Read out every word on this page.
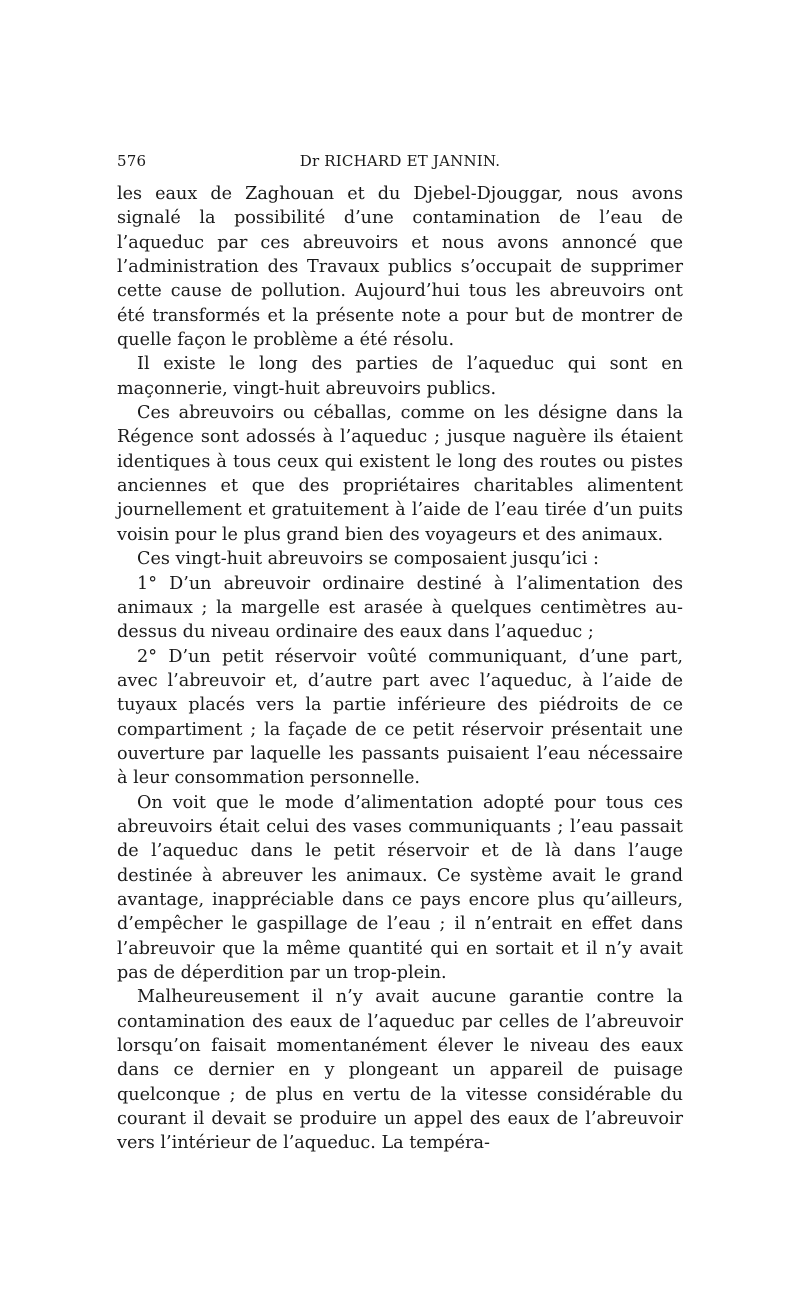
576	Dr RICHARD ET JANNIN.

les eaux de Zaghouan et du Djebel-Djouggar, nous avons signalé la possibilité d’une contamination de l’eau de l’aqueduc par ces abreuvoirs et nous avons annoncé que l’administration des Travaux publics s’occupait de supprimer cette cause de pollution. Aujourd’hui tous les abreuvoirs ont été transformés et la présente note a pour but de montrer de quelle façon le problème a été résolu.

Il existe le long des parties de l’aqueduc qui sont en maçonnerie, vingt-huit abreuvoirs publics.

Ces abreuvoirs ou céballas, comme on les désigne dans la Régence sont adossés à l’aqueduc ; jusque naguère ils étaient identiques à tous ceux qui existent le long des routes ou pistes anciennes et que des propriétaires charitables alimentent journellement et gratuitement à l’aide de l’eau tirée d’un puits voisin pour le plus grand bien des voyageurs et des animaux.

Ces vingt-huit abreuvoirs se composaient jusqu’ici :

1° D’un abreuvoir ordinaire destiné à l’alimentation des animaux ; la margelle est arasée à quelques centimètres au-dessus du niveau ordinaire des eaux dans l’aqueduc ;

2° D’un petit réservoir voûté communiquant, d’une part, avec l’abreuvoir et, d’autre part avec l’aqueduc, à l’aide de tuyaux placés vers la partie inférieure des piédroits de ce compartiment ; la façade de ce petit réservoir présentait une ouverture par laquelle les passants puisaient l’eau nécessaire à leur consommation personnelle.

On voit que le mode d’alimentation adopté pour tous ces abreuvoirs était celui des vases communiquants ; l’eau passait de l’aqueduc dans le petit réservoir et de là dans l’auge destinée à abreuver les animaux. Ce système avait le grand avantage, inappréciable dans ce pays encore plus qu’ailleurs, d’empêcher le gaspillage de l’eau ; il n’entrait en effet dans l’abreuvoir que la même quantité qui en sortait et il n’y avait pas de déperdition par un trop-plein.

Malheureusement il n’y avait aucune garantie contre la contamination des eaux de l’aqueduc par celles de l’abreuvoir lorsqu’on faisait momentanément élever le niveau des eaux dans ce dernier en y plongeant un appareil de puisage quelconque ; de plus en vertu de la vitesse considérable du courant il devait se produire un appel des eaux de l’abreuvoir vers l’intérieur de l’aqueduc. La tempéra-
